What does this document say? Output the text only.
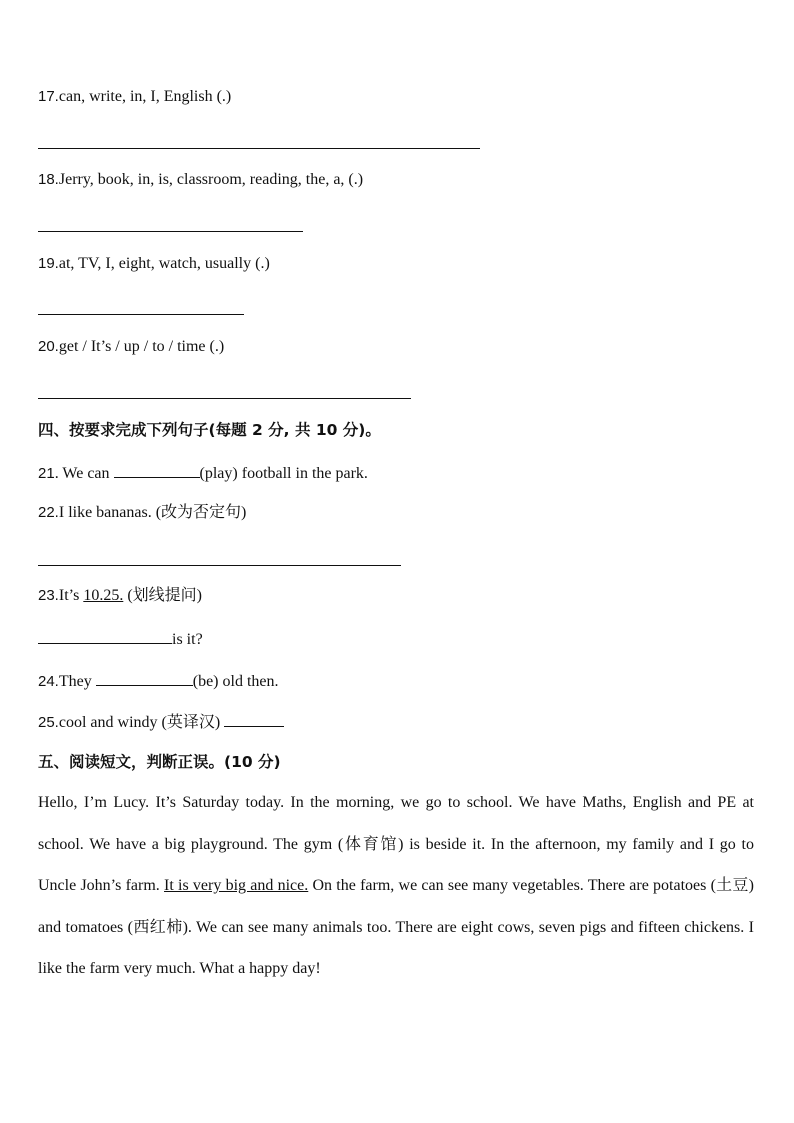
17.can, write, in, I, English (.)
18.Jerry, book, in, is, classroom, reading, the, a, (.)
19.at, TV, I, eight, watch, usually (.)
20.get / It’s / up / to / time (.)
四、按要求完成下列句子(每题 2 分, 共 10 分)。
21. We can	(play) football in the park.
22.I like bananas. (改为否定句)
23.It’s 10.25. (划线提问)
is it?
24.They	(be) old then.
25.cool and windy (英译汉)
五、阅读短文，判断正误。(10 分)
Hello, I’m Lucy. It’s Saturday today. In the morning, we go to school. We have Maths, English and PE at school. We have a big playground. The gym (体育馆) is beside it. In the afternoon, my family and I go to Uncle John’s farm. It is very big and nice. On the farm, we can see many vegetables. There are potatoes (土豆) and tomatoes (西红柿). We can see many animals too. There are eight cows, seven pigs and fifteen chickens. I like the farm very much. What a happy day!
